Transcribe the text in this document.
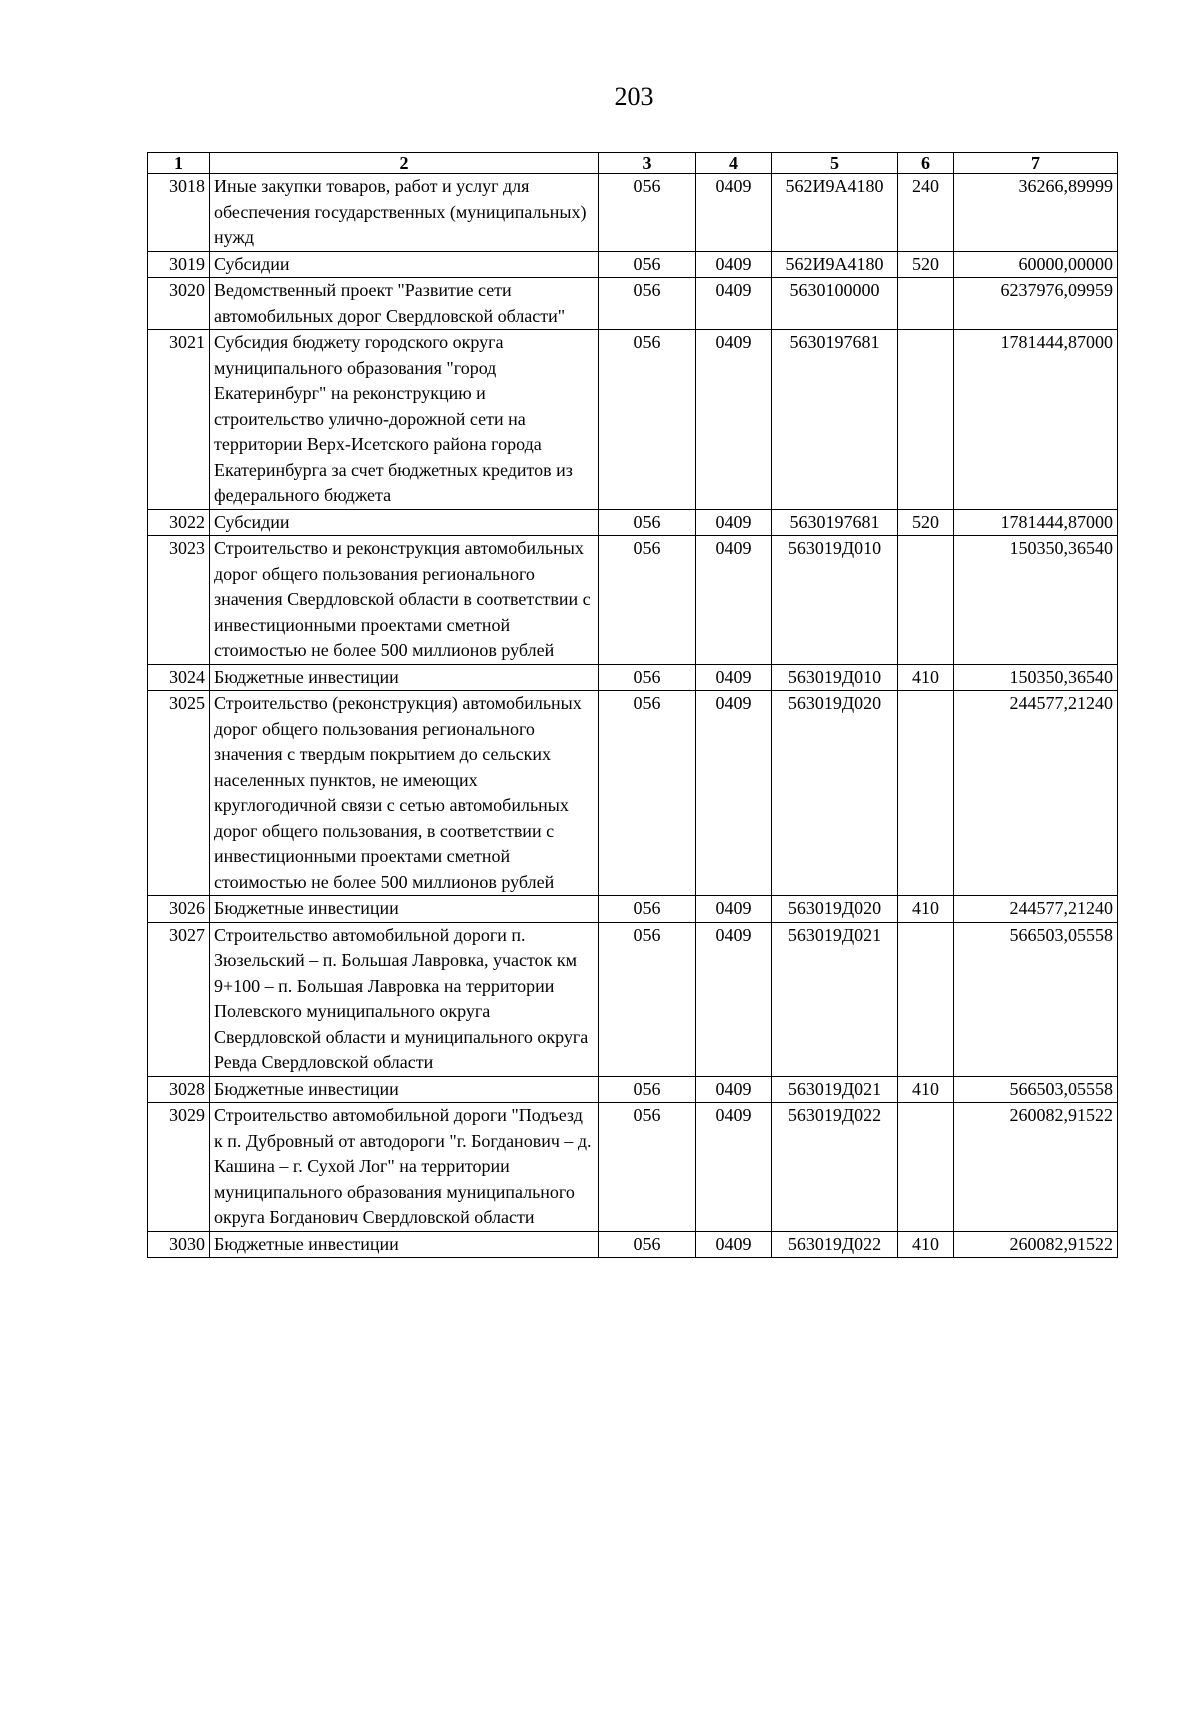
203
1	2	3	4	5	6	7
3018	Иные закупки товаров, работ и услуг для обеспечения государственных (муниципальных) нужд	056	0409	562И9А4180	240	36266,89999
3019	Субсидии	056	0409	562И9А4180	520	60000,00000
3020	Ведомственный проект "Развитие сети автомобильных дорог Свердловской области"	056	0409	5630100000		6237976,09959
3021	Субсидия бюджету городского округа муниципального образования "город Екатеринбург" на реконструкцию и строительство улично-дорожной сети на территории Верх-Исетского района города Екатеринбурга за счет бюджетных кредитов из федерального бюджета	056	0409	5630197681		1781444,87000
3022	Субсидии	056	0409	5630197681	520	1781444,87000
3023	Строительство и реконструкция автомобильных дорог общего пользования регионального значения Свердловской области в соответствии с инвестиционными проектами сметной стоимостью не более 500 миллионов рублей	056	0409	563019Д010		150350,36540
3024	Бюджетные инвестиции	056	0409	563019Д010	410	150350,36540
3025	Строительство (реконструкция) автомобильных дорог общего пользования регионального значения с твердым покрытием до сельских населенных пунктов, не имеющих круглогодичной связи с сетью автомобильных дорог общего пользования, в соответствии с инвестиционными проектами сметной стоимостью не более 500 миллионов рублей	056	0409	563019Д020		244577,21240
3026	Бюджетные инвестиции	056	0409	563019Д020	410	244577,21240
3027	Строительство автомобильной дороги п. Зюзельский – п. Большая Лавровка, участок км 9+100 – п. Большая Лавровка на территории Полевского муниципального округа Свердловской области и муниципального округа Ревда Свердловской области	056	0409	563019Д021		566503,05558
3028	Бюджетные инвестиции	056	0409	563019Д021	410	566503,05558
3029	Строительство автомобильной дороги "Подъезд к п. Дубровный от автодороги "г. Богданович – д. Кашина – г. Сухой Лог" на территории муниципального образования муниципального округа Богданович Свердловской области	056	0409	563019Д022		260082,91522
3030	Бюджетные инвестиции	056	0409	563019Д022	410	260082,91522
